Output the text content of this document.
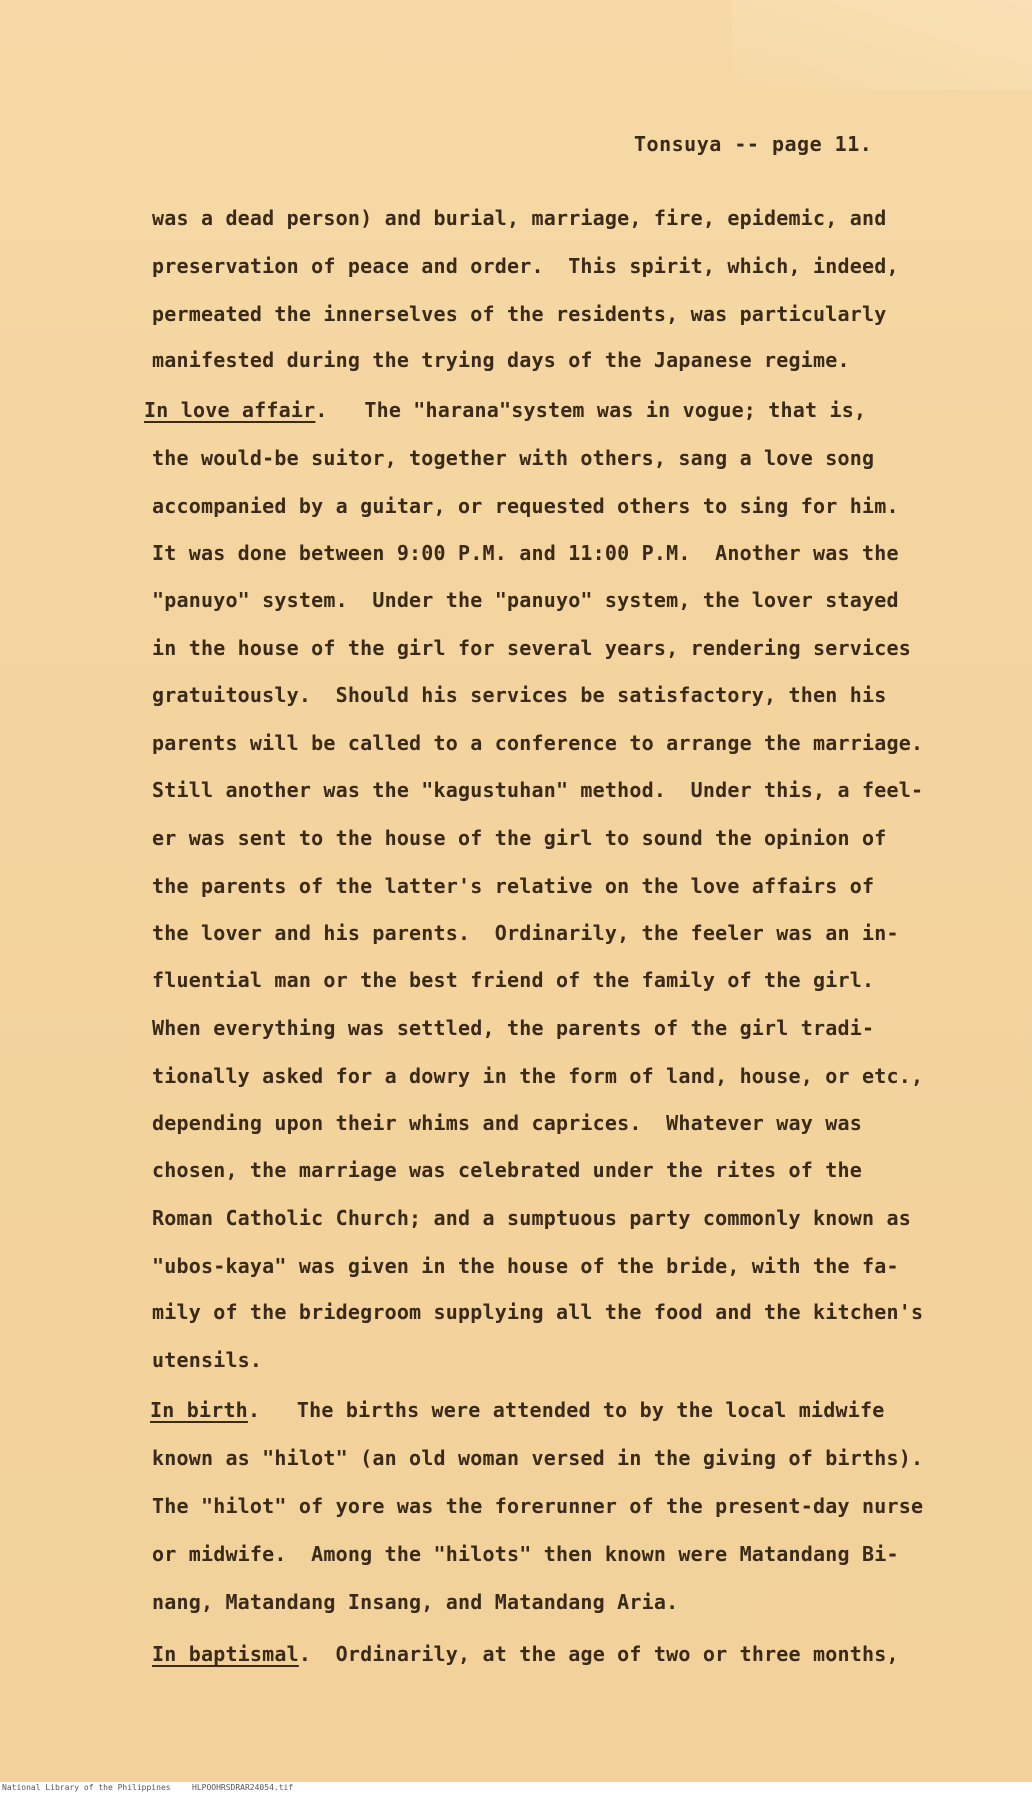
Tonsuya -- page 11.
was a dead person) and burial, marriage, fire, epidemic, and
preservation of peace and order.  This spirit, which, indeed,
permeated the innerselves of the residents, was particularly
manifested during the trying days of the Japanese regime.
In love affair.   The "harana"system was in vogue; that is,
the would-be suitor, together with others, sang a love song
accompanied by a guitar, or requested others to sing for him.
It was done between 9:00 P.M. and 11:00 P.M.  Another was the
"panuyo" system.  Under the "panuyo" system, the lover stayed
in the house of the girl for several years, rendering services
gratuitously.  Should his services be satisfactory, then his
parents will be called to a conference to arrange the marriage.
Still another was the "kagustuhan" method.  Under this, a feel-
er was sent to the house of the girl to sound the opinion of
the parents of the latter's relative on the love affairs of
the lover and his parents.  Ordinarily, the feeler was an in-
fluential man or the best friend of the family of the girl.
When everything was settled, the parents of the girl tradi-
tionally asked for a dowry in the form of land, house, or etc.,
depending upon their whims and caprices.  Whatever way was
chosen, the marriage was celebrated under the rites of the
Roman Catholic Church; and a sumptuous party commonly known as
"ubos-kaya" was given in the house of the bride, with the fa-
mily of the bridegroom supplying all the food and the kitchen's
utensils.
In birth.   The births were attended to by the local midwife
known as "hilot" (an old woman versed in the giving of births).
The "hilot" of yore was the forerunner of the present-day nurse
or midwife.  Among the "hilots" then known were Matandang Bi-
nang, Matandang Insang, and Matandang Aria.
In baptismal.  Ordinarily, at the age of two or three months,
National Library of the Philippines	HLPOOHRSDRAR24054.tif
